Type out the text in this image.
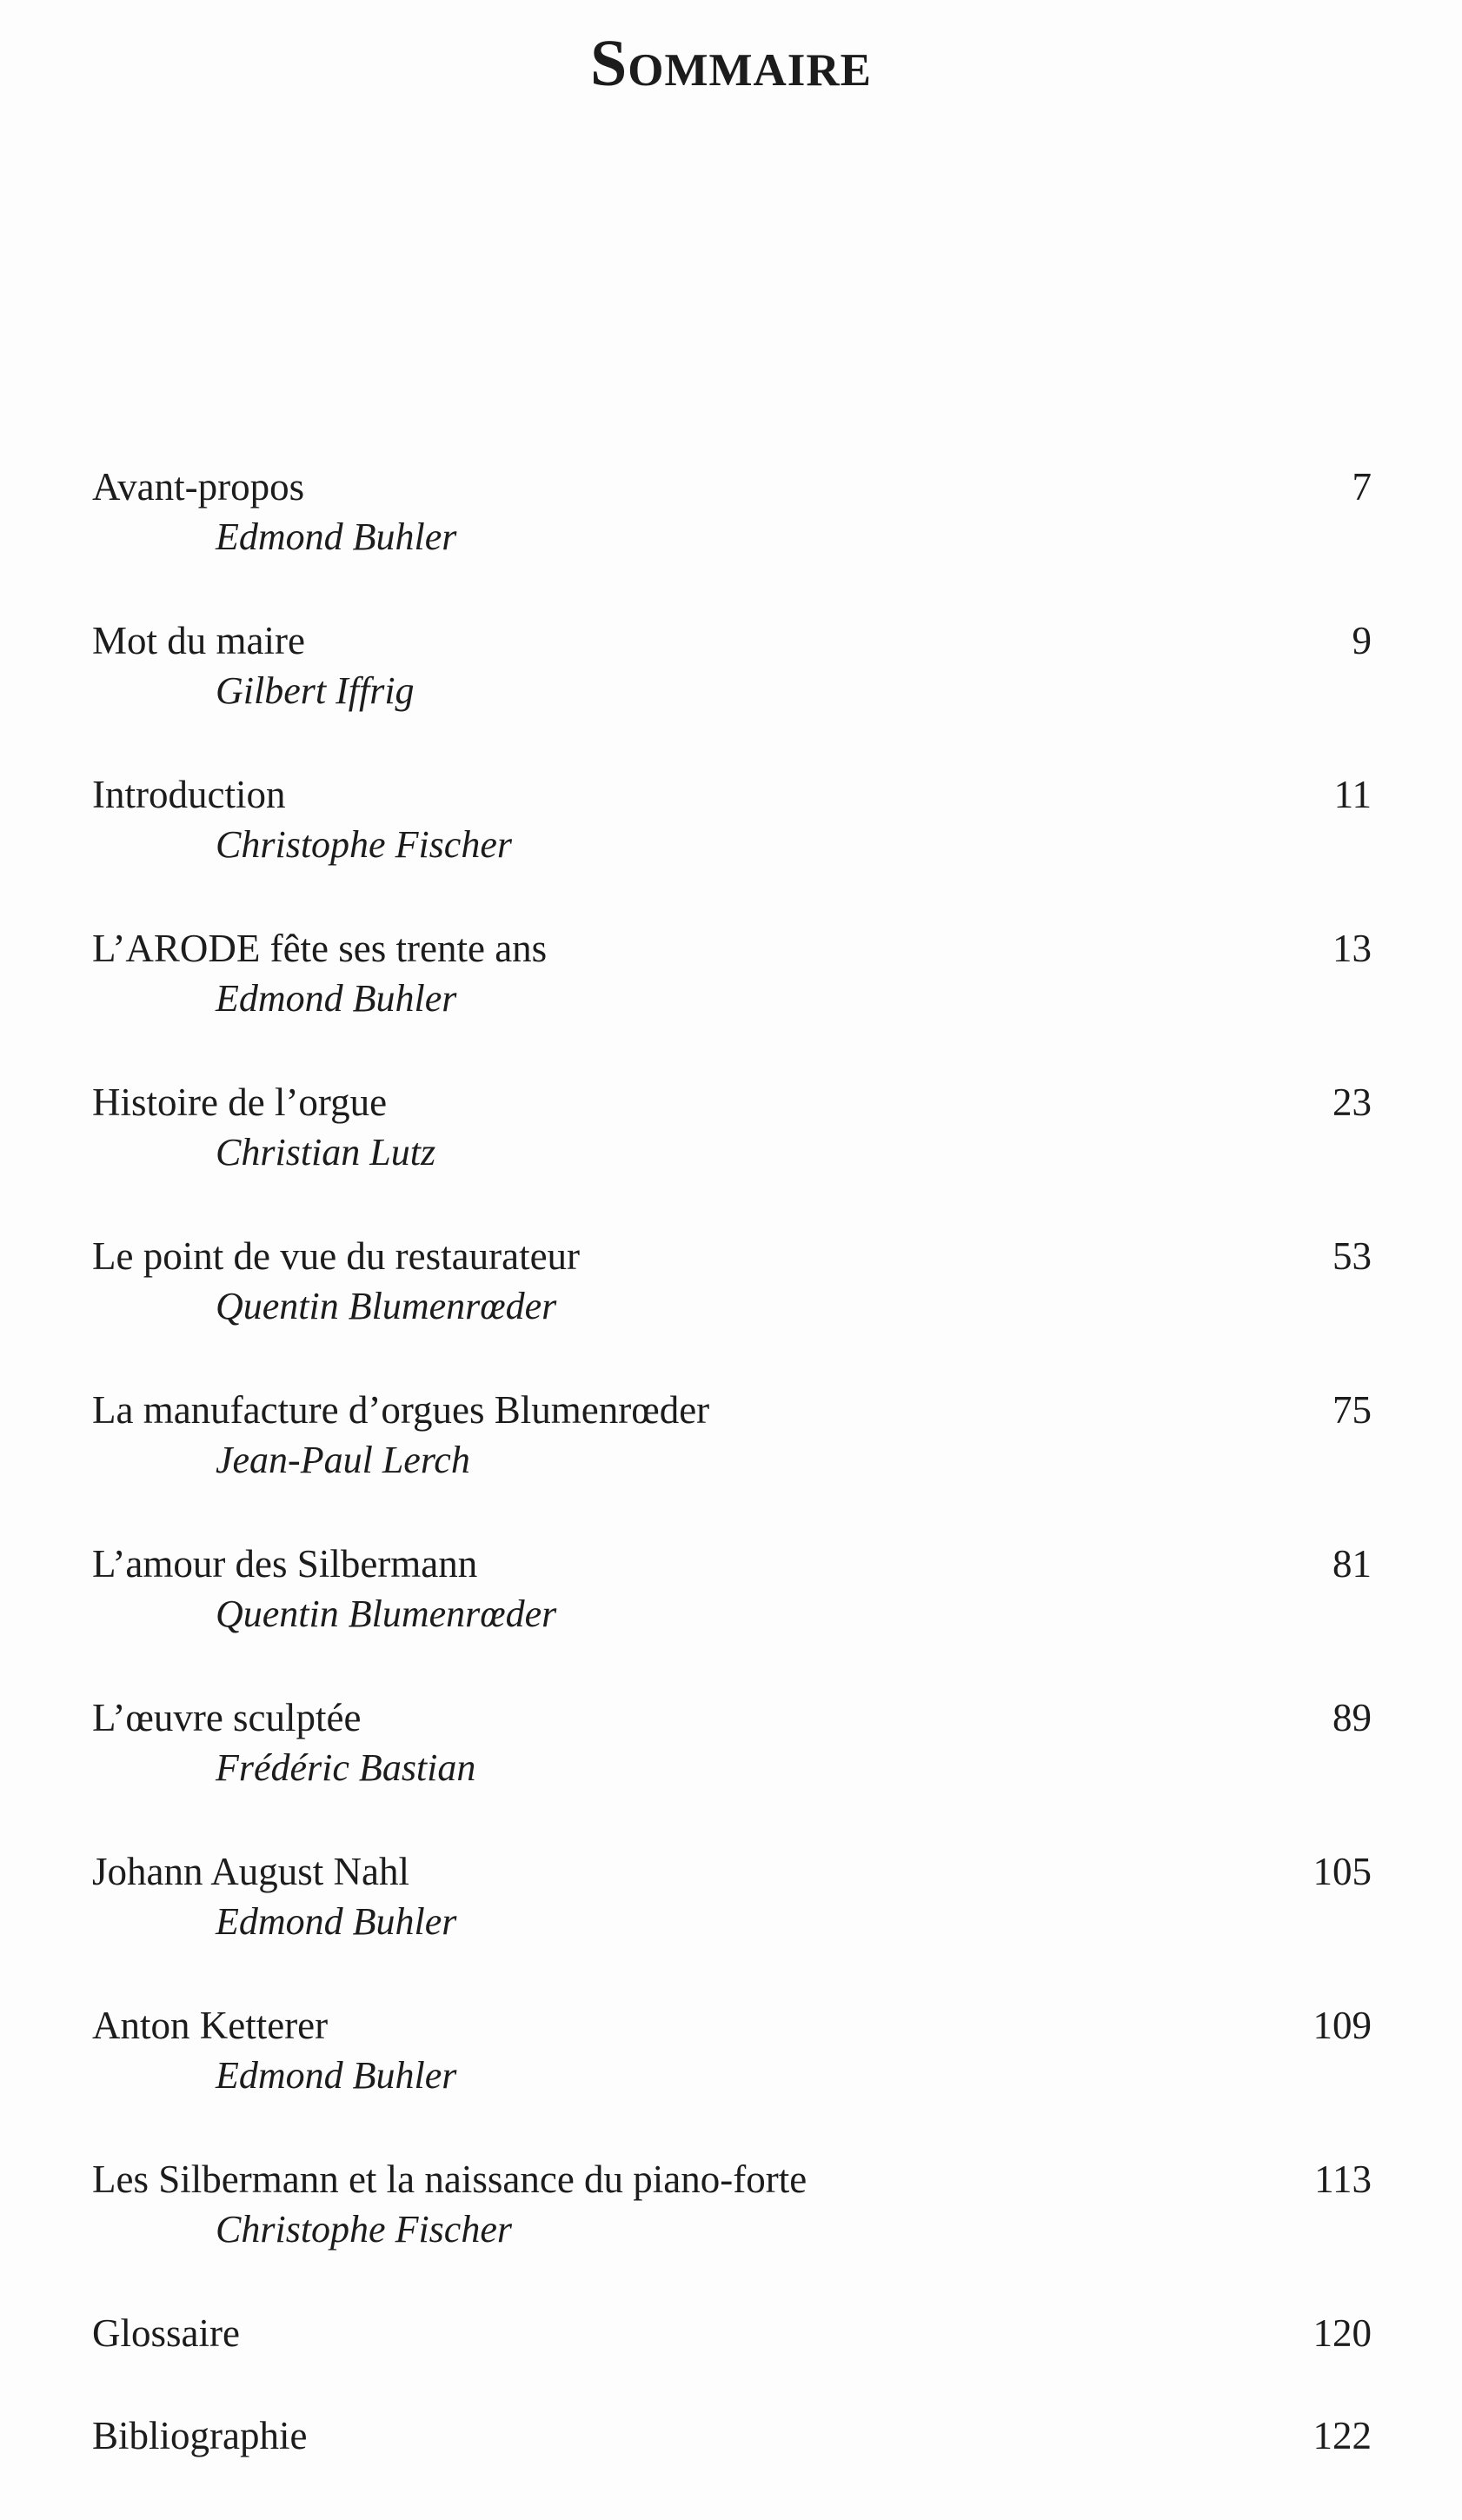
Sommaire
Avant-propos	7
Edmond Buhler
Mot du maire	9
Gilbert Iffrig
Introduction	11
Christophe Fischer
L’ARODE fête ses trente ans	13
Edmond Buhler
Histoire de l’orgue	23
Christian Lutz
Le point de vue du restaurateur	53
Quentin Blumenrœder
La manufacture d’orgues Blumenrœder	75
Jean-Paul Lerch
L’amour des Silbermann	81
Quentin Blumenrœder
L’œuvre sculptée	89
Frédéric Bastian
Johann August Nahl	105
Edmond Buhler
Anton Ketterer	109
Edmond Buhler
Les Silbermann et la naissance du piano-forte	113
Christophe Fischer
Glossaire	120
Bibliographie	122
